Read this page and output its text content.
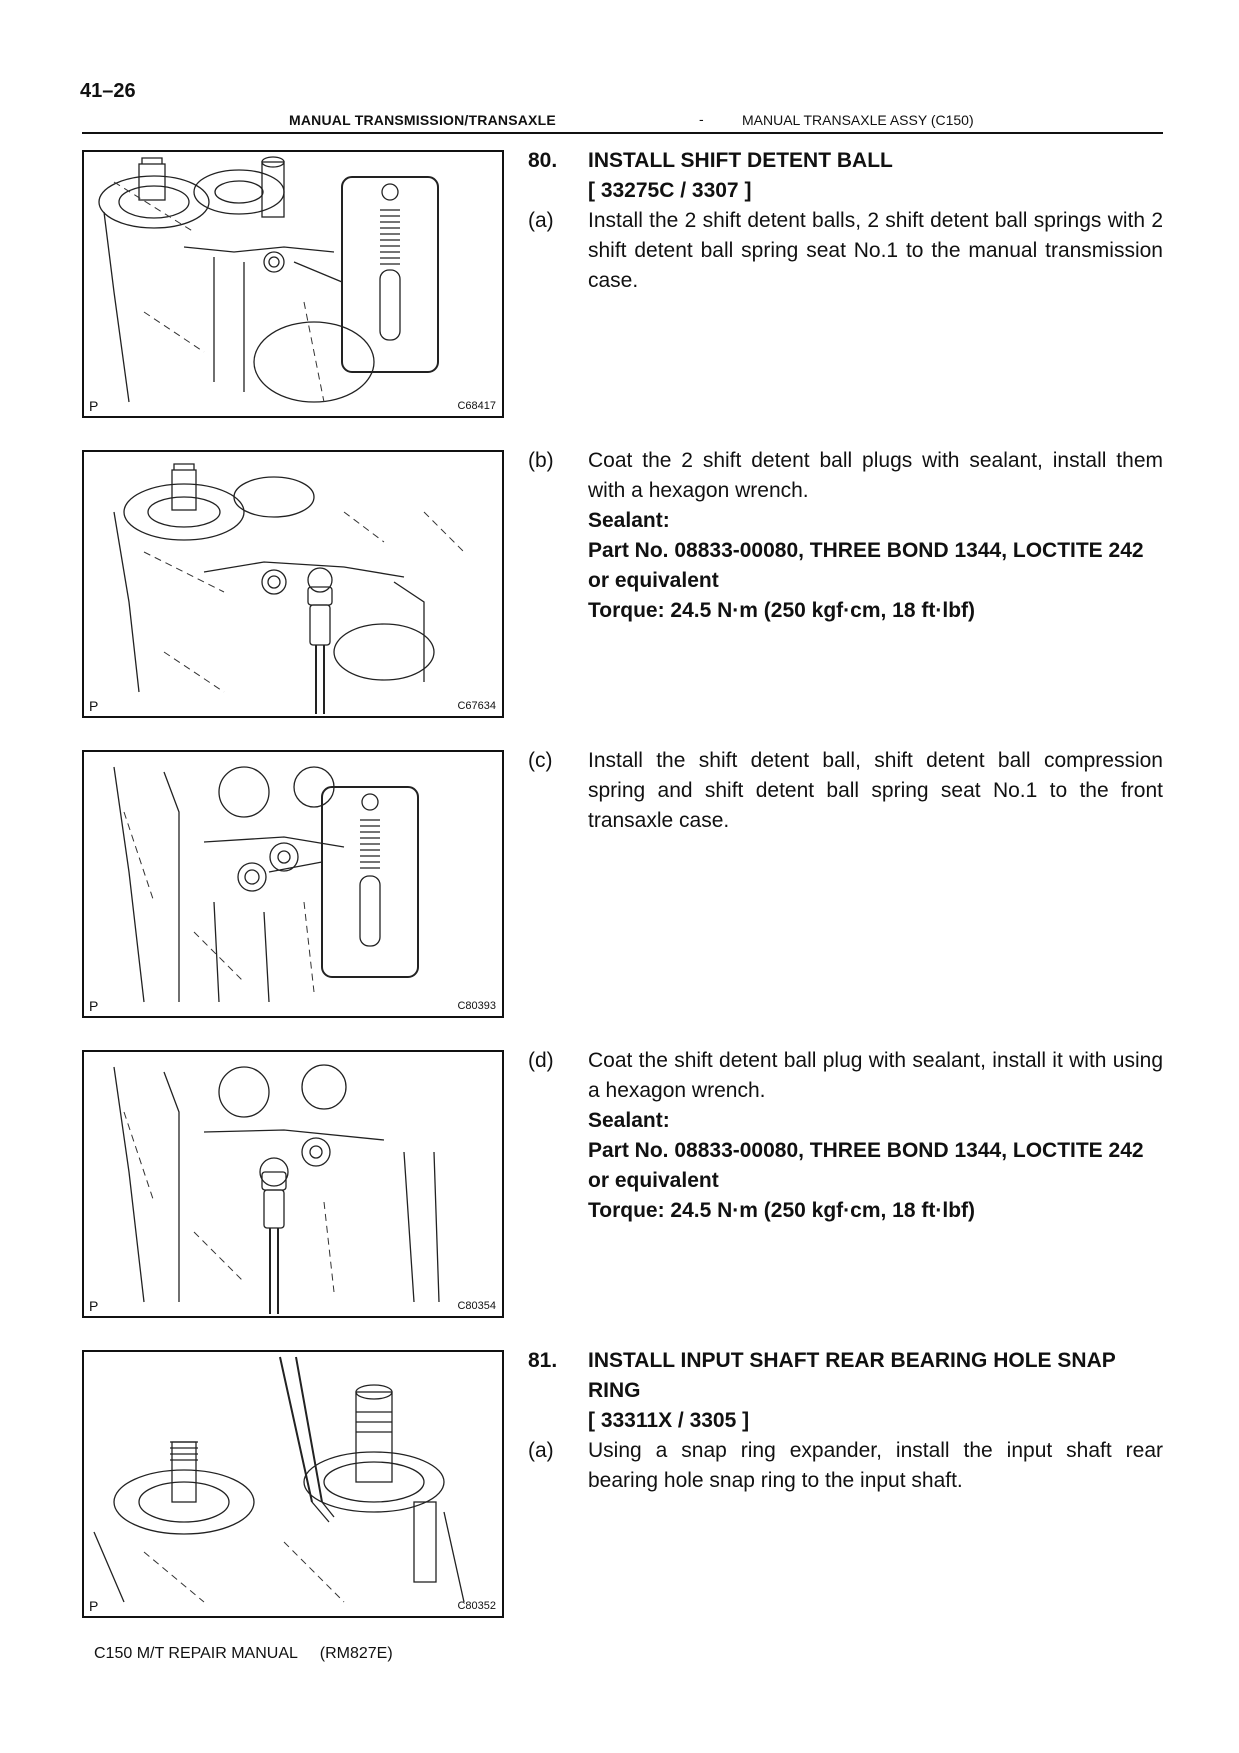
41–26
MANUAL TRANSMISSION/TRANSAXLE	-	MANUAL TRANSAXLE ASSY (C150)
P	C68417
P	C67634
P	C80393
P	C80354
P	C80352
80.	INSTALL SHIFT DETENT BALL
[ 33275C / 3307 ]
(a)	Install the 2 shift detent balls, 2 shift detent ball springs with 2 shift detent ball spring seat No.1 to the manual transmission case.
(b)	Coat the 2 shift detent ball plugs with sealant, install them with a hexagon wrench.
Sealant:
Part No. 08833-00080, THREE BOND 1344, LOCTITE 242 or equivalent
Torque: 24.5 N·m (250 kgf·cm, 18 ft·lbf)
(c)	Install the shift detent ball, shift detent ball compression spring and shift detent ball spring seat No.1 to the front transaxle case.
(d)	Coat the shift detent ball plug with sealant, install it with using a hexagon wrench.
Sealant:
Part No. 08833-00080, THREE BOND 1344, LOCTITE 242 or equivalent
Torque: 24.5 N·m (250 kgf·cm, 18 ft·lbf)
81.	INSTALL INPUT SHAFT REAR BEARING HOLE SNAP RING
[ 33311X / 3305 ]
(a)	Using a snap ring expander, install the input shaft rear bearing hole snap ring to the input shaft.
C150 M/T REPAIR MANUAL (RM827E)
